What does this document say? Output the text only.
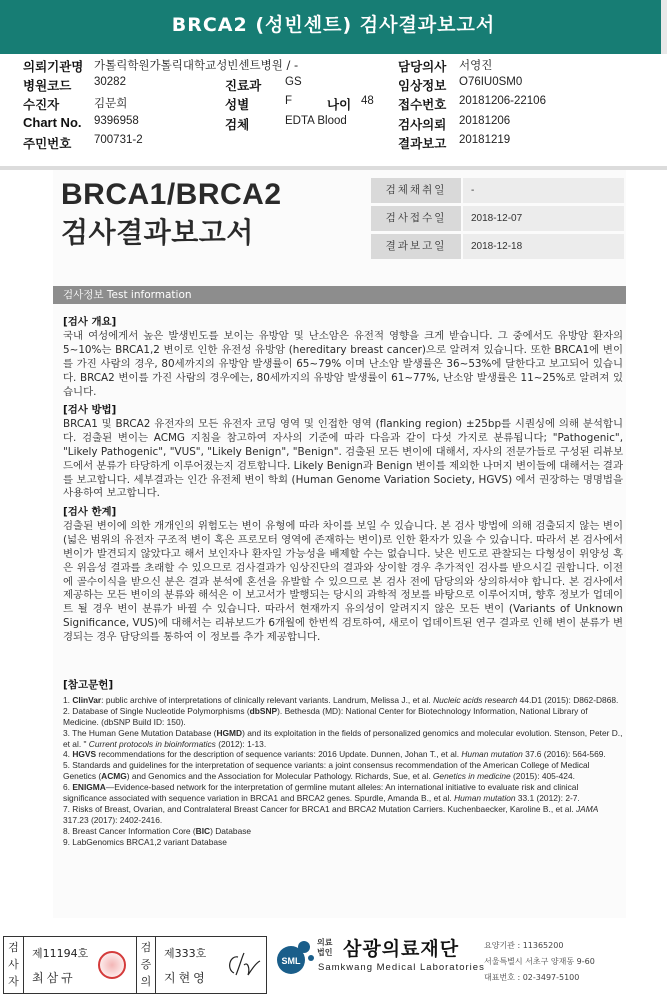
BRCA2 (성빈센트) 검사결과보고서
의뢰기관명 가톨릭학원가톨릭대학교성빈센트병원 / -	담당의사 서영진
병원코드 30282	진료과 GS	임상정보 O76IU0SM0
수진자	김문희	성별	F	나이 48 접수번호 20181206-22106
Chart No. 9396958	검체	EDTA Blood	검사의뢰 20181206
주민번호 700731-2	결과보고 20181219
BRCA1/BRCA2
검사결과보고서
검체채취일	-
검사접수일	2018-12-07
결과보고일	2018-12-18
검사정보 Test information
[검사 개요]
국내 여성에게서 높은 발생빈도를 보이는 유방암 및 난소암은 유전적 영향을 크게 받습니다. 그 중에서도 유방암 환자의 5~10%는 BRCA1,2 변이로 인한 유전성 유방암 (hereditary breast cancer)으로 알려져 있습니다. 또한 BRCA1에 변이를 가진 사람의 경우, 80세까지의 유방암 발생률이 65~79% 이며 난소암 발생률은 36~53%에 달한다고 보고되어 있습니다. BRCA2 변이를 가진 사람의 경우에는, 80세까지의 유방암 발생률이 61~77%, 난소암 발생률은 11~25%로 알려져 있습니다.
[검사 방법]
BRCA1 및 BRCA2 유전자의 모든 유전자 코딩 영역 및 인접한 영역 (flanking region) ±25bp를 시퀀싱에 의해 분석합니다. 검출된 변이는 ACMG 지침을 참고하여 자사의 기준에 따라 다음과 같이 다섯 가지로 분류됩니다; "Pathogenic", "Likely Pathogenic", "VUS", "Likely Benign", "Benign". 검출된 모든 변이에 대해서, 자사의 전문가들로 구성된 리뷰보드에서 분류가 타당하게 이루어졌는지 검토합니다. Likely Benign과 Benign 변이를 제외한 나머지 변이들에 대해서는 결과를 보고합니다. 세부결과는 인간 유전체 변이 학회 (Human Genome Variation Society, HGVS) 에서 권장하는 명명법을 사용하여 보고합니다.
[검사 한계]
검출된 변이에 의한 개개인의 위험도는 변이 유형에 따라 차이를 보일 수 있습니다. 본 검사 방법에 의해 검출되지 않는 변이 (넓은 범위의 유전자 구조적 변이 혹은 프로모터 영역에 존재하는 변이)로 인한 환자가 있을 수 있습니다. 따라서 본 검사에서 변이가 발견되지 않았다고 해서 보인자나 환자일 가능성을 배제할 수는 없습니다. 낮은 빈도로 관찰되는 다형성이 위양성 혹은 위음성 결과를 초래할 수 있으므로 검사결과가 임상진단의 결과와 상이할 경우 추가적인 검사를 받으시길 권합니다. 이전에 골수이식을 받으신 분은 결과 분석에 혼선을 유발할 수 있으므로 본 검사 전에 담당의와 상의하셔야 합니다. 본 검사에서 제공하는 모든 변이의 분류와 해석은 이 보고서가 발행되는 당시의 과학적 정보를 바탕으로 이루어지며, 향후 정보가 업데이트 될 경우 변이 분류가 바뀔 수 있습니다. 따라서 현재까지 유의성이 알려지지 않은 모든 변이 (Variants of Unknown Significance, VUS)에 대해서는 리뷰보드가 6개월에 한번씩 검토하여, 새로이 업데이트된 연구 결과로 인해 변이 분류가 변경되는 경우 담당의를 통하여 이 정보를 추가 제공합니다.
[참고문헌]
1. ClinVar: public archive of interpretations of clinically relevant variants. Landrum, Melissa J., et al. Nucleic acids research 44.D1 (2015): D862-D868.
2. Database of Single Nucleotide Polymorphisms (dbSNP). Bethesda (MD): National Center for Biotechnology Information, National Library of Medicine. (dbSNP Build ID: 150).
3. The Human Gene Mutation Database (HGMD) and its exploitation in the fields of personalized genomics and molecular evolution. Stenson, Peter D., et al. " Current protocols in bioinformatics (2012): 1-13.
4. HGVS recommendations for the description of sequence variants: 2016 Update. Dunnen, Johan T., et al. Human mutation 37.6 (2016): 564-569.
5. Standards and guidelines for the interpretation of sequence variants: a joint consensus recommendation of the American College of Medical Genetics (ACMG) and Genomics and the Association for Molecular Pathology. Richards, Sue, et al. Genetics in medicine (2015): 405-424.
6. ENIGMA—Evidence-based network for the interpretation of germline mutant alleles: An international initiative to evaluate risk and clinical significance associated with sequence variation in BRCA1 and BRCA2 genes. Spurdle, Amanda B., et al. Human mutation 33.1 (2012): 2-7.
7. Risks of Breast, Ovarian, and Contralateral Breast Cancer for BRCA1 and BRCA2 Mutation Carriers. Kuchenbaecker, Karoline B., et al. JAMA 317.23 (2017): 2402-2416.
8. Breast Cancer Information Core (BIC) Database
9. LabGenomics BRCA1,2 variant Database
검사자
제11194호
최삼규
검증의
제333호
지현영
SML
의료법인 삼광의료재단
Samkwang Medical Laboratories
요양기관 : 11365200
서울특별시 서초구 양재동 9-60
대표번호 : 02-3497-5100
